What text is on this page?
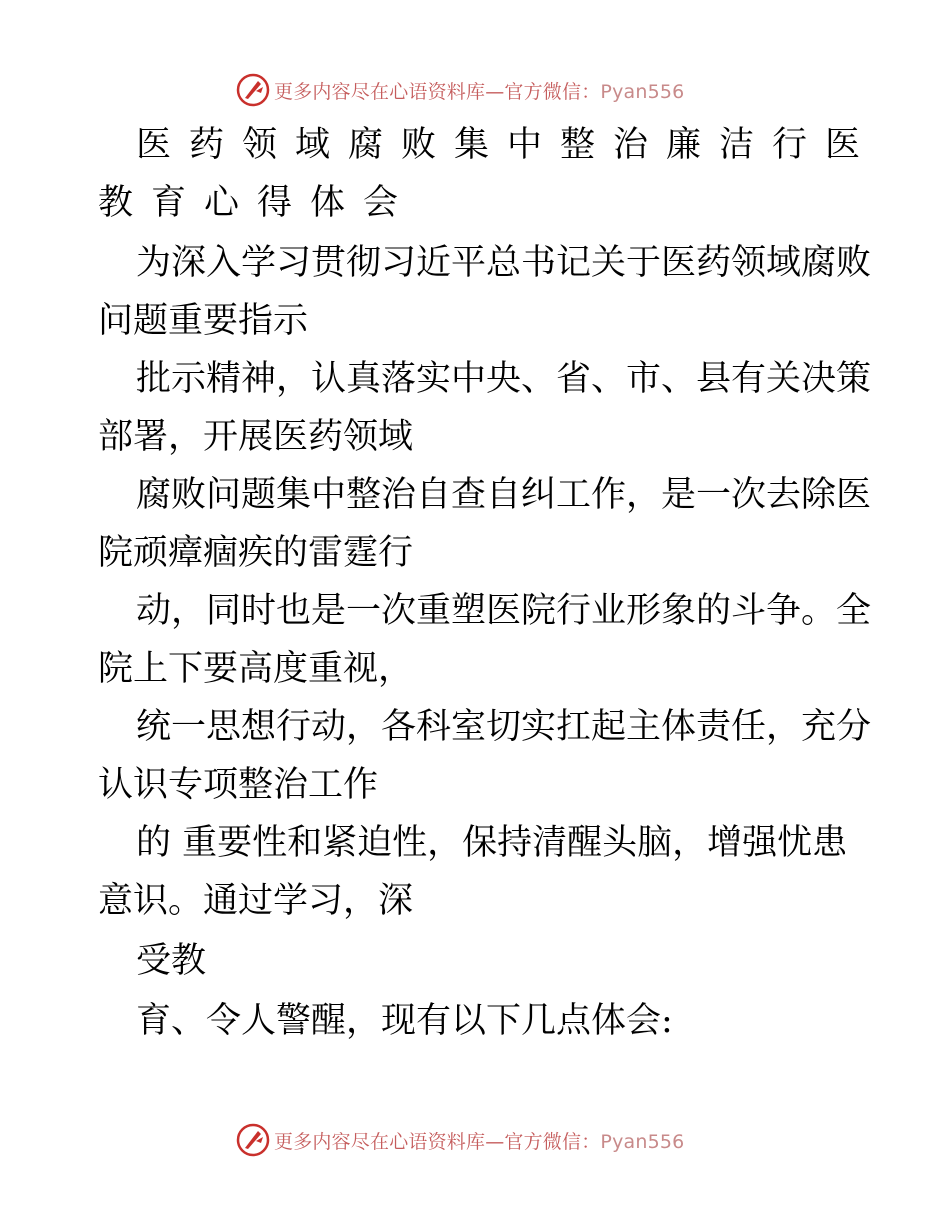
更多内容尽在心语资料库—官方微信：Pyan556
医药领域腐败集中整治廉洁行医
教育心得体会
为深入学习贯彻习近平总书记关于医药领域腐败
问题重要指示
批示精神，认真落实中央、省、市、县有关决策
部署，开展医药领域
腐败问题集中整治自查自纠工作，是一次去除医
院顽瘴痼疾的雷霆行
动，同时也是一次重塑医院行业形象的斗争。全
院上下要高度重视，
统一思想行动，各科室切实扛起主体责任，充分
认识专项整治工作
的 重要性和紧迫性，保持清醒头脑，增强忧患
意识。通过学习，深
受教
育、令人警醒，现有以下几点体会:
更多内容尽在心语资料库—官方微信：Pyan556
